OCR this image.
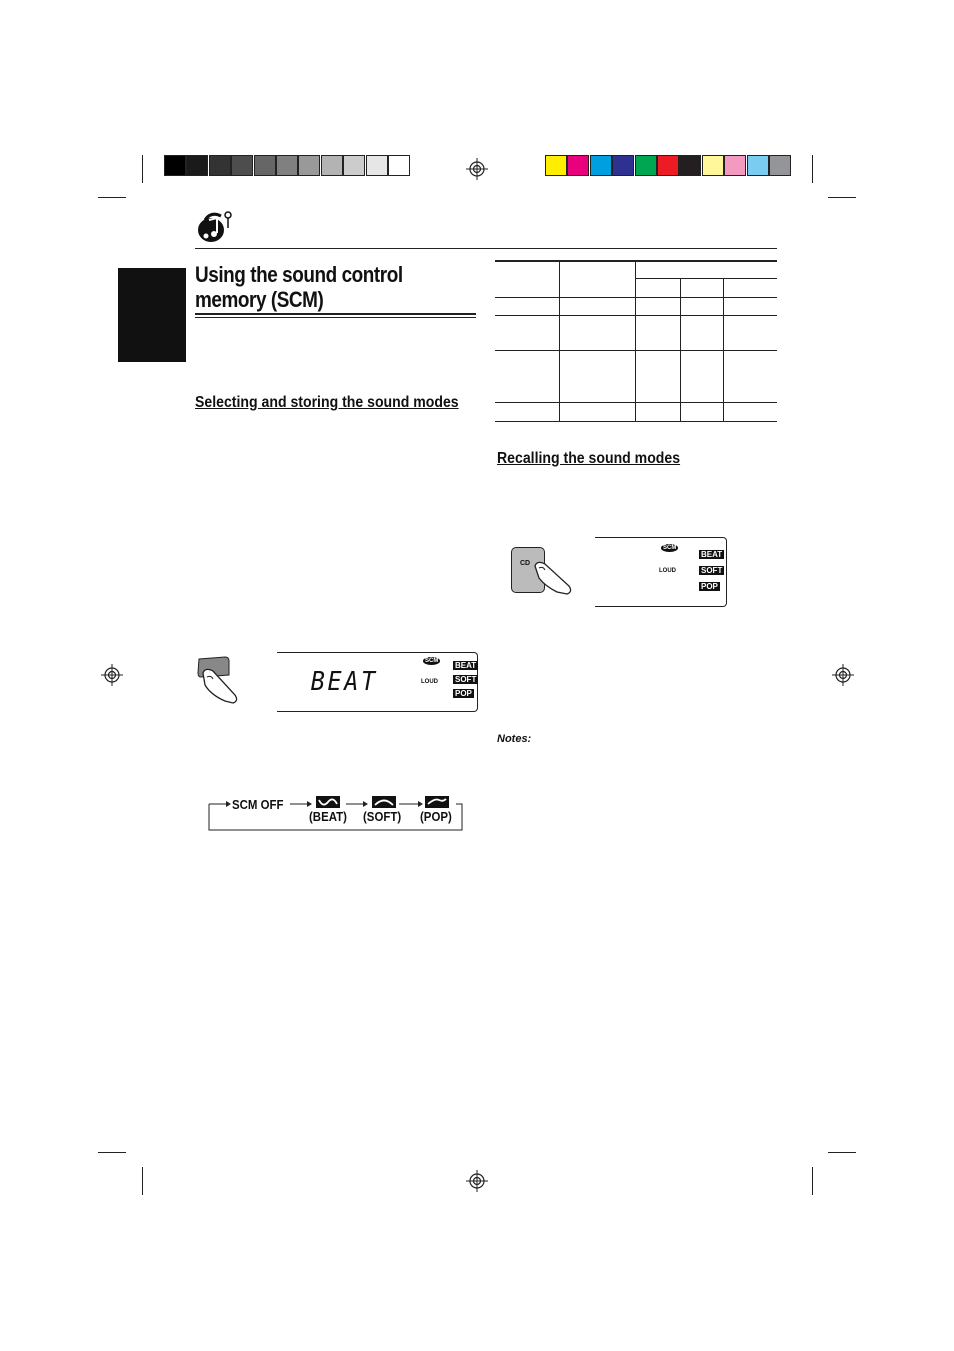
Using the sound control memory (SCM)
Selecting and storing the sound modes
Recalling the sound modes
BEAT
SCM
LOUD
BEAT
SOFT
POP
CD
SCM
LOUD
BEAT
SOFT
POP
SCM OFF
(BEAT) (SOFT) (POP)
Notes:
